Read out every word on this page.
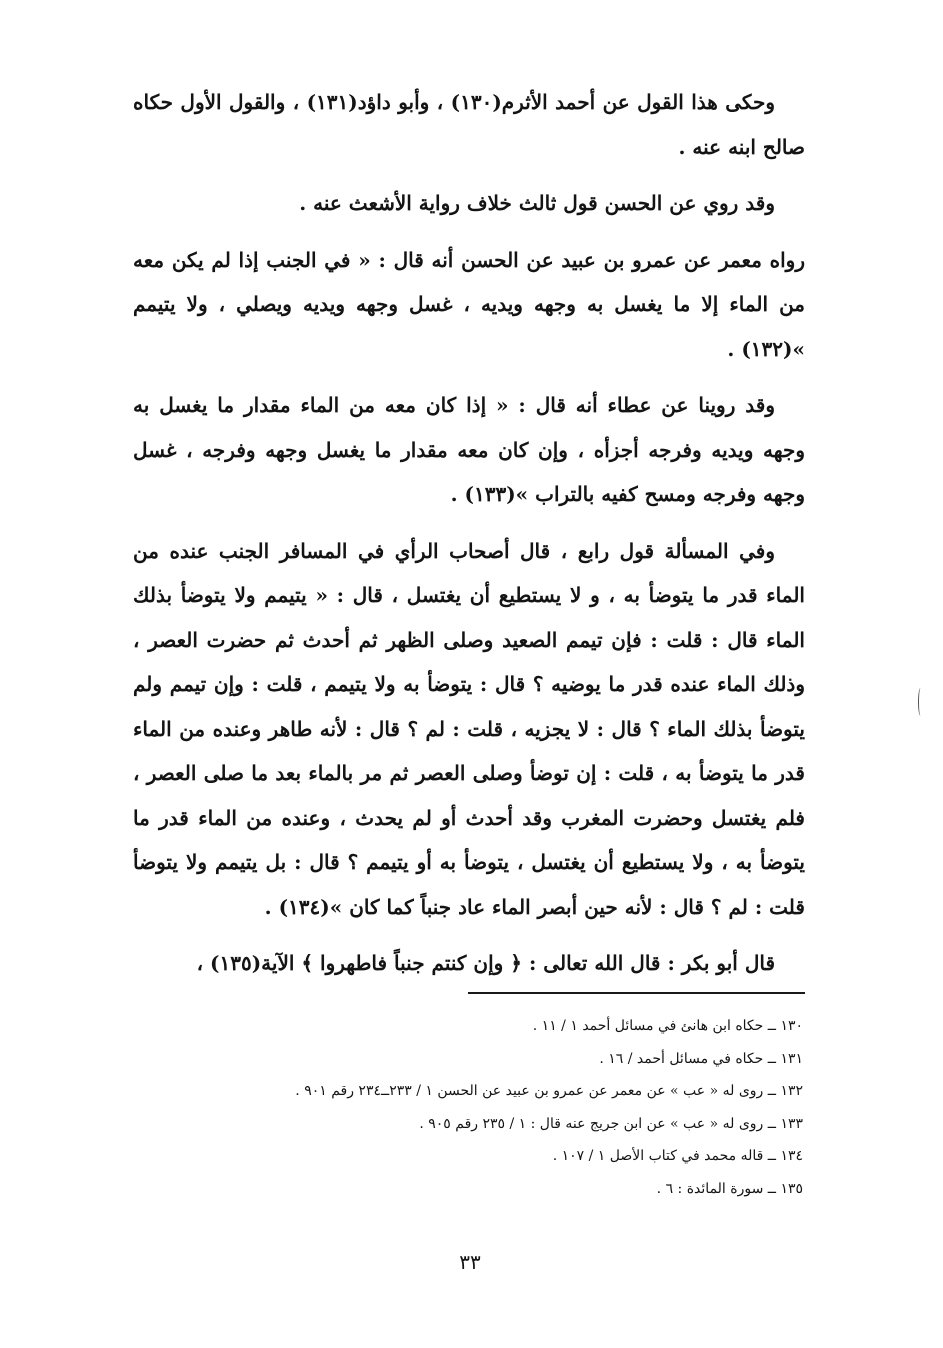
وحكى هذا القول عن أحمد الأثرم(١٣٠) ، وأبو داؤد(١٣١) ، والقول الأول حكاه صالح ابنه عنه .

وقد روي عن الحسن قول ثالث خلاف رواية الأشعث عنه .

رواه معمر عن عمرو بن عبيد عن الحسن أنه قال : « في الجنب إذا لم يكن معه من الماء إلا ما يغسل به وجهه ويديه ، غسل وجهه ويديه ويصلي ، ولا يتيمم »(١٣٢) .

وقد روينا عن عطاء أنه قال : « إذا كان معه من الماء مقدار ما يغسل به وجهه ويديه وفرجه أجزأه ، وإن كان معه مقدار ما يغسل وجهه وفرجه ، غسل وجهه وفرجه ومسح كفيه بالتراب »(١٣٣) .

وفي المسألة قول رابع ، قال أصحاب الرأي في المسافر الجنب عنده من الماء قدر ما يتوضأ به ، و لا يستطيع أن يغتسل ، قال : « يتيمم ولا يتوضأ بذلك الماء قال : قلت : فإن تيمم الصعيد وصلى الظهر ثم أحدث ثم حضرت العصر ، وذلك الماء عنده قدر ما يوضيه ؟ قال : يتوضأ به ولا يتيمم ، قلت : وإن تيمم ولم يتوضأ بذلك الماء ؟ قال : لا يجزيه ، قلت : لم ؟ قال : لأنه طاهر وعنده من الماء قدر ما يتوضأ به ، قلت : إن توضأ وصلى العصر ثم مر بالماء بعد ما صلى العصر ، فلم يغتسل وحضرت المغرب وقد أحدث أو لم يحدث ، وعنده من الماء قدر ما يتوضأ به ، ولا يستطيع أن يغتسل ، يتوضأ به أو يتيمم ؟ قال : بل يتيمم ولا يتوضأ قلت : لم ؟ قال : لأنه حين أبصر الماء عاد جنباً كما كان »(١٣٤) .

قال أبو بكر : قال الله تعالى : ﴿ وإن كنتم جنباً فاطهروا ﴾ الآية(١٣٥) ،

١٣٠ ــ حكاه ابن هانئ في مسائل أحمد ١ / ١١ .
١٣١ ــ حكاه في مسائل أحمد / ١٦ .
١٣٢ ــ روى له « عب » عن معمر عن عمرو بن عبيد عن الحسن ١ / ٢٣٣ــ٢٣٤ رقم ٩٠١ .
١٣٣ ــ روى له « عب » عن ابن جريج عنه قال : ١ / ٢٣٥ رقم ٩٠٥ .
١٣٤ ــ قاله محمد في كتاب الأصل ١ / ١٠٧ .
١٣٥ ــ سورة المائدة : ٦ .
٣٣
